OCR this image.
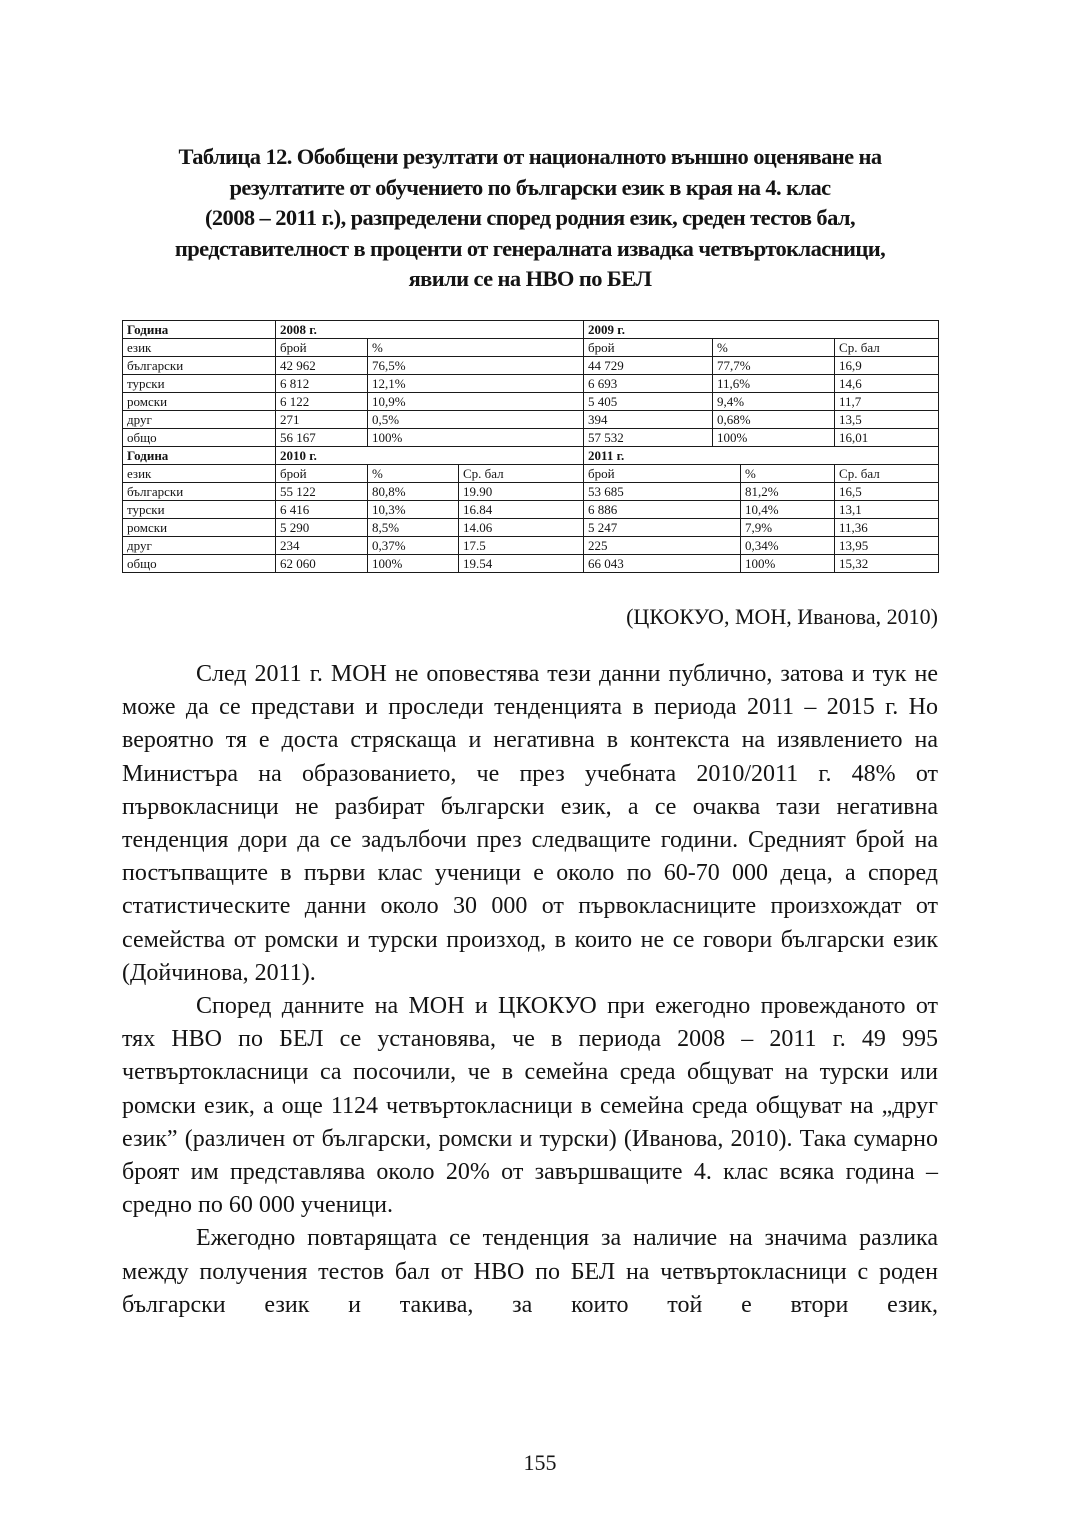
Таблица 12. Обобщени резултати от националното външно оценяване на
резултатите от обучението по български език в края на 4. клас
(2008 – 2011 г.), разпределени според родния език, среден тестов бал,
представителност в проценти от генералната извадка четвъртокласници,
явили се на НВО по БЕЛ
Година	2008 г.			2009 г.			
език	брой	%		брой	%		Ср. бал
български	42 962	76,5%		44 729	77,7%		16,9
турски	6 812	12,1%		6 693	11,6%		14,6
ромски	6 122	10,9%		5 405	9,4%		11,7
друг	271	0,5%		394	0,68%		13,5
общо	56 167	100%		57 532	100%		16,01
Година	2010 г.			2011 г.			
език	брой	%	Ср. бал	брой		%	Ср. бал
български	55 122	80,8%	19.90	53 685		81,2%	16,5
турски	6 416	10,3%	16.84	6 886		10,4%	13,1
ромски	5 290	8,5%	14.06	5 247		7,9%	11,36
друг	234	0,37%	17.5	225		0,34%	13,95
общо	62 060	100%	19.54	66 043		100%	15,32
(ЦКОКУО, МОН, Иванова, 2010)

След 2011 г. МОН не оповестява тези данни публично, затова и тук не може да се представи и проследи тенденцията в периода 2011 – 2015 г. Но вероятно тя е доста стряскаща и негативна в контекста на изявлението на Министъра на образованието, че през учебната 2010/2011 г. 48% от първокласници не разбират български език, а се очаква тази негативна тенденция дори да се задълбочи през следващите години. Средният брой на постъпващите в първи клас ученици е около по 60-70 000 деца, а според статистическите данни около 30 000 от първокласниците произхождат от семейства от ромски и турски произход, в които не се говори български език (Дойчинова, 2011).

Според данните на МОН и ЦКОКУО при ежегодно провежданото от тях НВО по БЕЛ се установява, че в периода 2008 – 2011 г. 49 995 четвъртокласници са посочили, че в семейна среда общуват на турски или ромски език, а още 1124 четвъртокласници в семейна среда общуват на „друг език” (различен от български, ромски и турски) (Иванова, 2010). Така сумарно броят им представлява около 20% от завършващите 4. клас всяка година – средно по 60 000 ученици.

Ежегодно повтарящата се тенденция за наличие на значима разлика между получения тестов бал от НВО по БЕЛ на четвъртокласници с роден български език и такива, за които той е втори език,

155
